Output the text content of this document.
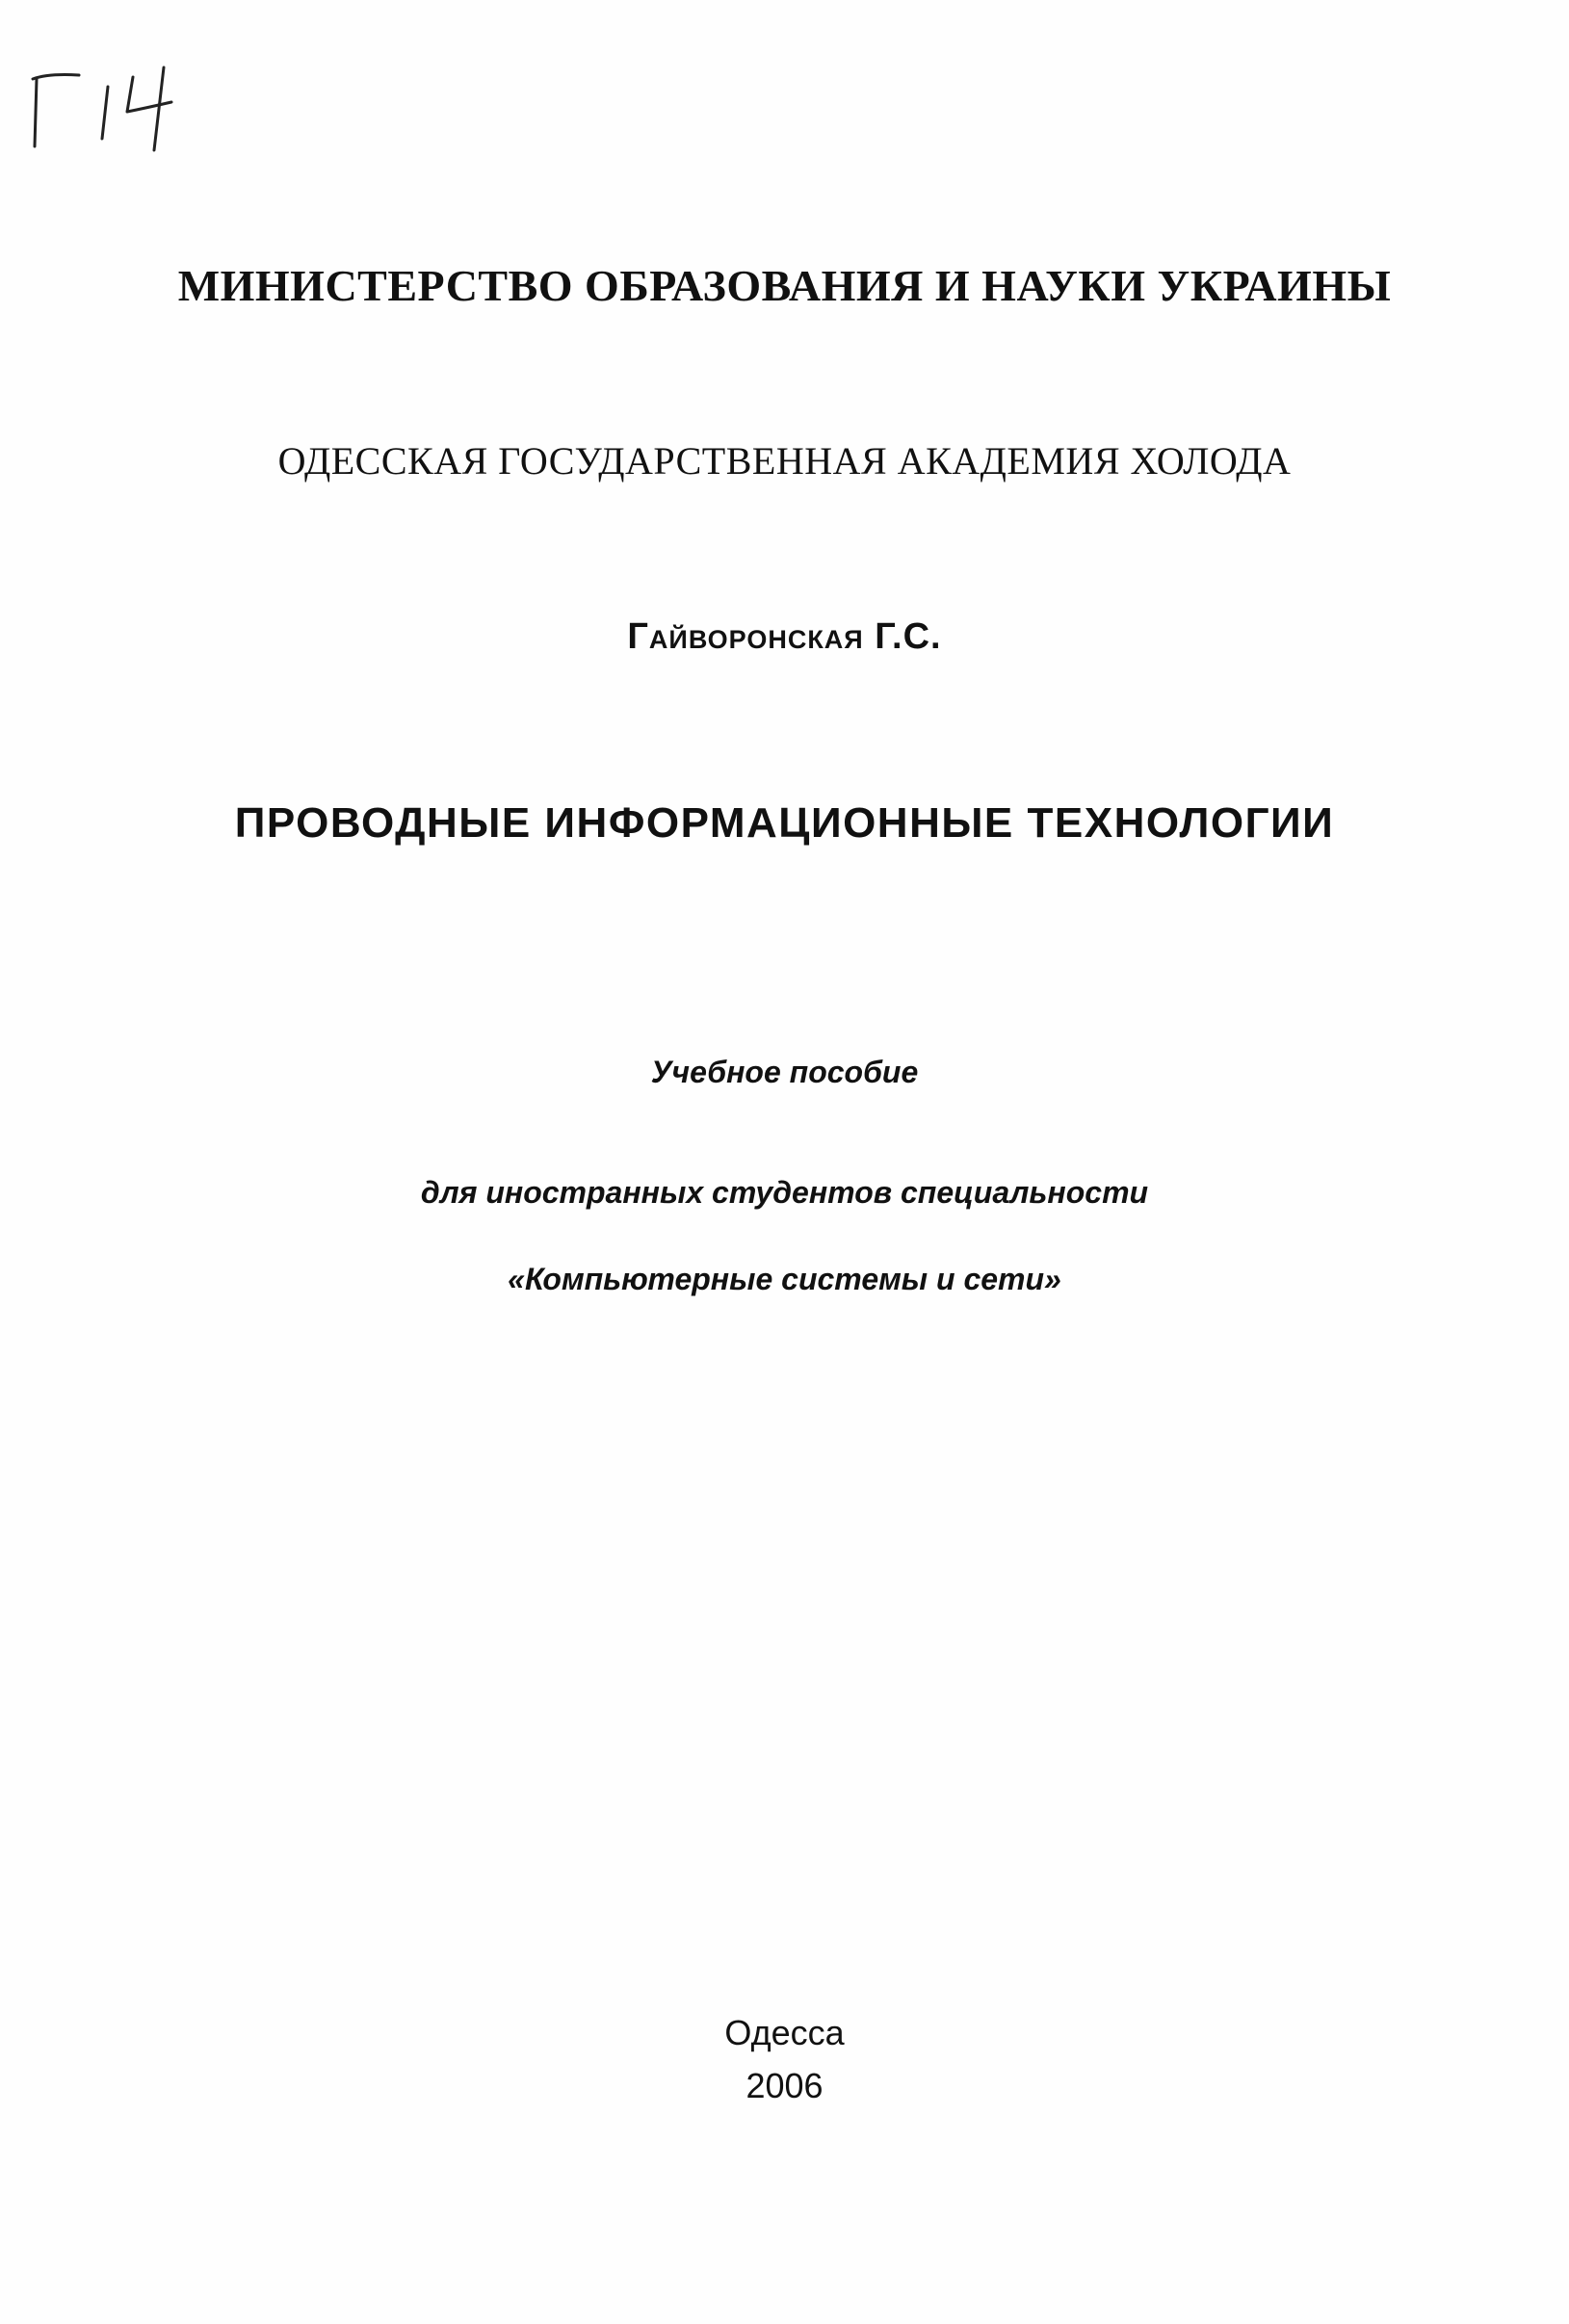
МИНИСТЕРСТВО ОБРАЗОВАНИЯ И НАУКИ УКРАИНЫ
ОДЕССКАЯ ГОСУДАРСТВЕННАЯ АКАДЕМИЯ ХОЛОДА
Гайворонская Г.С.
ПРОВОДНЫЕ ИНФОРМАЦИОННЫЕ ТЕХНОЛОГИИ
Учебное пособие
для иностранных студентов специальности
«Компьютерные системы и сети»
Одесса
2006
